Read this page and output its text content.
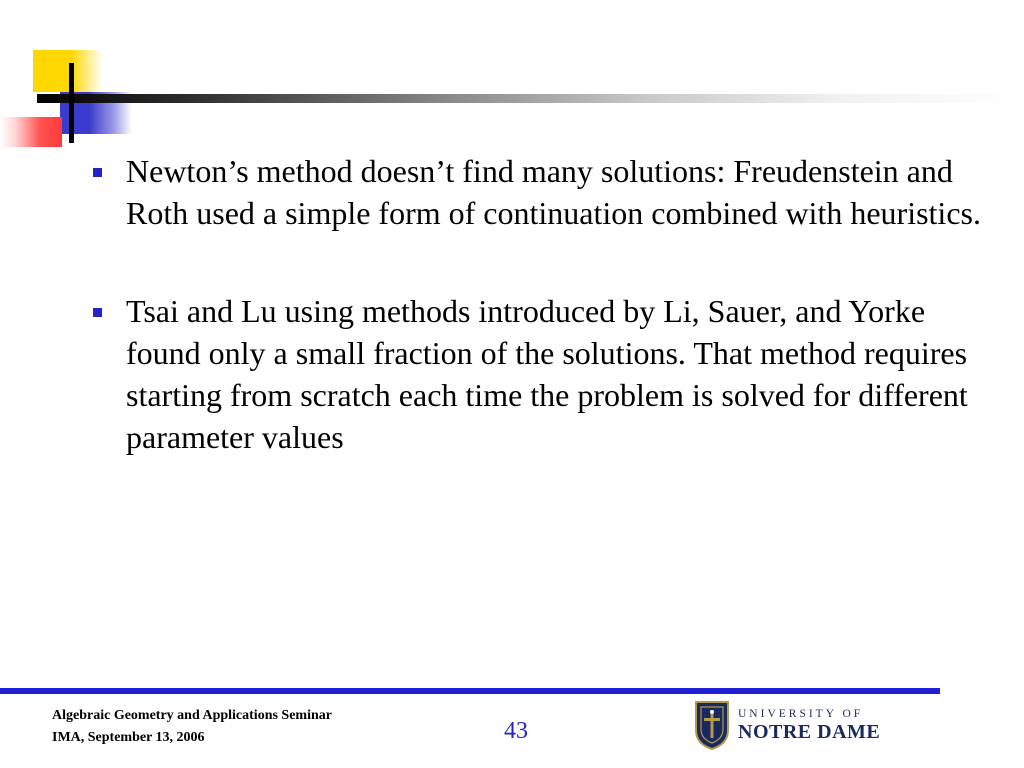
Newton’s method doesn’t find many solutions: Freudenstein and Roth used a simple form of continuation combined with heuristics.
Tsai and Lu using methods introduced by Li, Sauer, and Yorke found only a small fraction of the solutions. That method requires starting from scratch each time the problem is solved for different parameter values
Algebraic Geometry and Applications Seminar
IMA, September 13, 2006	43
UNIVERSITY OF
NOTRE DAME
